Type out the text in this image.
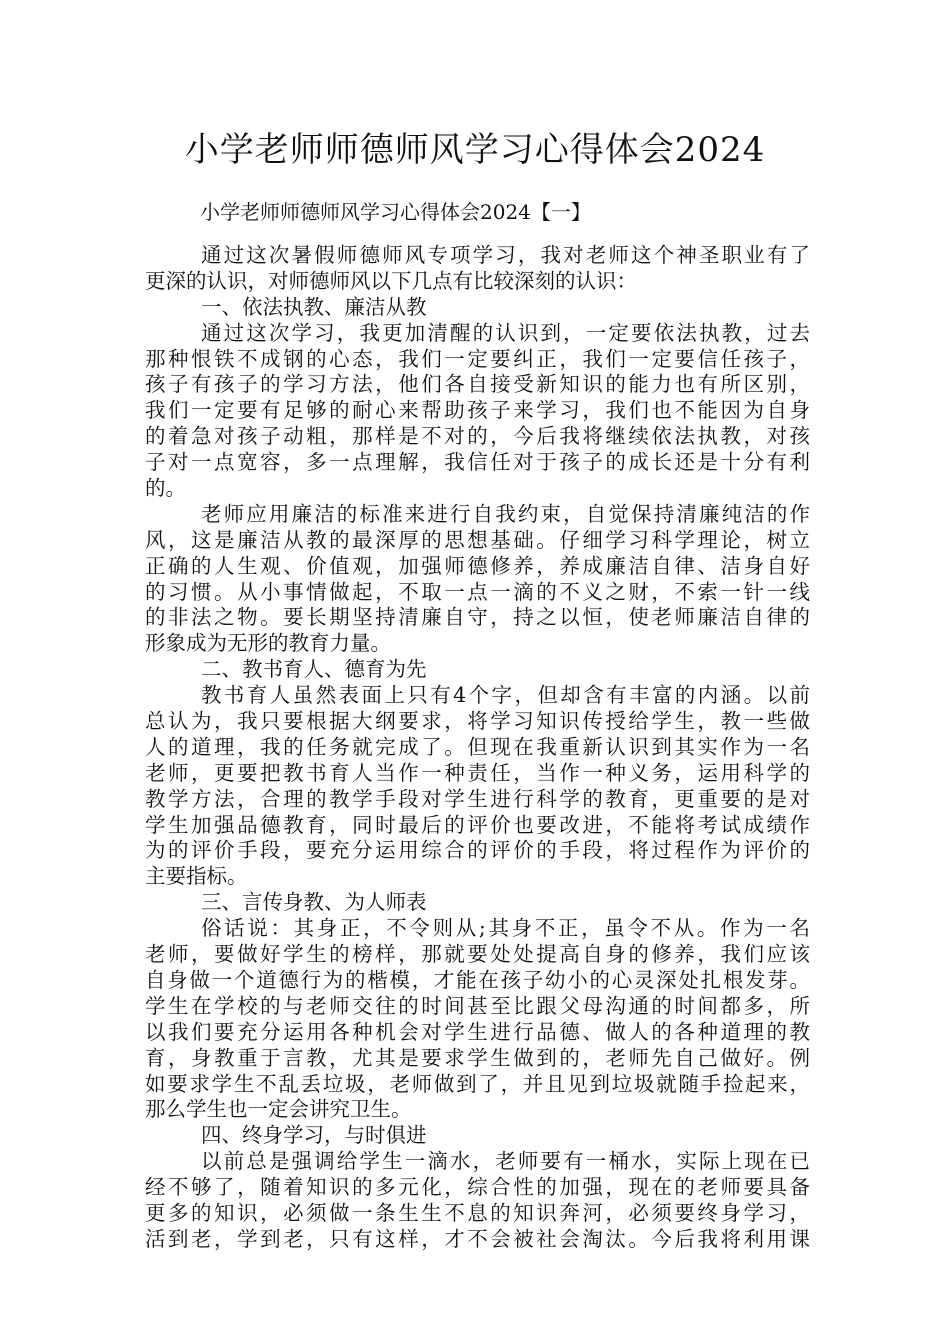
小学老师师德师风学习心得体会2024
小学老师师德师风学习心得体会2024【一】
通过这次暑假师德师风专项学习，我对老师这个神圣职业有了
更深的认识，对师德师风以下几点有比较深刻的认识：
一、依法执教、廉洁从教
通过这次学习，我更加清醒的认识到，一定要依法执教，过去
那种恨铁不成钢的心态，我们一定要纠正，我们一定要信任孩子，
孩子有孩子的学习方法，他们各自接受新知识的能力也有所区别，
我们一定要有足够的耐心来帮助孩子来学习，我们也不能因为自身
的着急对孩子动粗，那样是不对的，今后我将继续依法执教，对孩
子对一点宽容，多一点理解，我信任对于孩子的成长还是十分有利
的。
老师应用廉洁的标准来进行自我约束，自觉保持清廉纯洁的作
风，这是廉洁从教的最深厚的思想基础。仔细学习科学理论，树立
正确的人生观、价值观，加强师德修养，养成廉洁自律、洁身自好
的习惯。从小事情做起，不取一点一滴的不义之财，不索一针一线
的非法之物。要长期坚持清廉自守，持之以恒，使老师廉洁自律的
形象成为无形的教育力量。
二、教书育人、德育为先
教书育人虽然表面上只有4个字，但却含有丰富的内涵。以前
总认为，我只要根据大纲要求，将学习知识传授给学生，教一些做
人的道理，我的任务就完成了。但现在我重新认识到其实作为一名
老师，更要把教书育人当作一种责任，当作一种义务，运用科学的
教学方法，合理的教学手段对学生进行科学的教育，更重要的是对
学生加强品德教育，同时最后的评价也要改进，不能将考试成绩作
为的评价手段，要充分运用综合的评价的手段，将过程作为评价的
主要指标。
三、言传身教、为人师表
俗话说：其身正，不令则从;其身不正，虽令不从。作为一名
老师，要做好学生的榜样，那就要处处提高自身的修养，我们应该
自身做一个道德行为的楷模，才能在孩子幼小的心灵深处扎根发芽。
学生在学校的与老师交往的时间甚至比跟父母沟通的时间都多，所
以我们要充分运用各种机会对学生进行品德、做人的各种道理的教
育，身教重于言教，尤其是要求学生做到的，老师先自己做好。例
如要求学生不乱丢垃圾，老师做到了，并且见到垃圾就随手捡起来，
那么学生也一定会讲究卫生。
四、终身学习，与时俱进
以前总是强调给学生一滴水，老师要有一桶水，实际上现在已
经不够了，随着知识的多元化，综合性的加强，现在的老师要具备
更多的知识，必须做一条生生不息的知识奔河，必须要终身学习，
活到老，学到老，只有这样，才不会被社会淘汰。今后我将利用课
